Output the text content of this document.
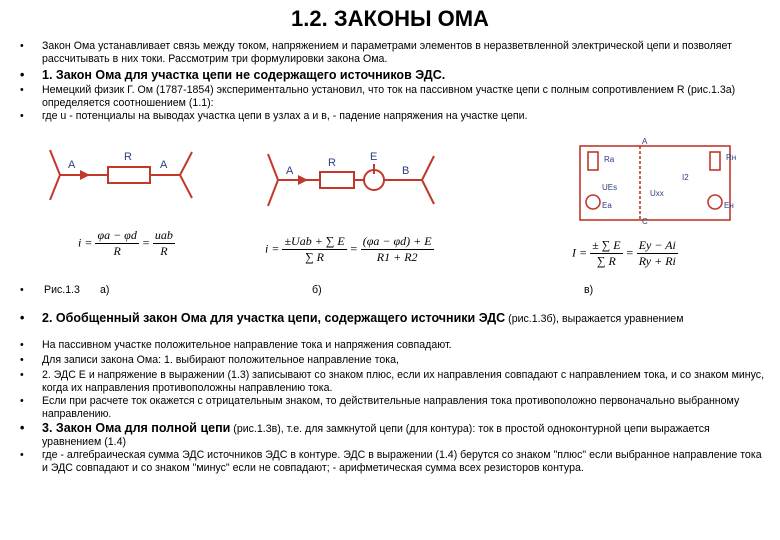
1.2. ЗАКОНЫ ОМА
•	Закон Ома устанавливает связь между током, напряжением и параметрами элементов в неразветвленной электрической цепи и позволяет рассчитывать в них токи. Рассмотрим три формулировки закона Ома.
•	1. Закон Ома для участка цепи не содержащего источников ЭДС.
•	Немецкий физик Г. Ом (1787-1854) экспериментально установил, что ток на пассивном участке цепи с полным сопротивлением R (рис.1.3а) определяется соотношением (1.1):
•	где u - потенциалы на выводах участка цепи в узлах а и в, - падение напряжения на участке цепи.
A
R
A	A
R	E
B
Ra
A
Rн
I2
UEs
Ea
Uxx
Eн
C
$i = \frac{\varphi a - \varphi d}{R} = \frac{\text{uab}}{R}$	$i = \frac{\text{±Uab + ∑ E}}{\sum R} = \frac{(\varphi a - \varphi d) + E}{R1 + R2}$	$I = \frac{\pm \sum E}{\sum R} = \frac{Ey - Ai}{Ry + Ri}$
• Рис.1.3 а)	б)	в)
•	2. Обобщенный закон Ома для участка цепи, содержащего источники ЭДС (рис.1.3б), выражается уравнением
•	На пассивном участке положительное направление тока и напряжения совпадают.
•	Для записи закона Ома: 1. выбирают положительное направление тока,
•	2. ЭДС E и напряжение в выражении (1.3) записывают со знаком плюс, если их направления совпадают с направлением тока, и со знаком минус, когда их направления противоположны направлению тока.
•	Если при расчете ток окажется с отрицательным знаком, то действительные направления тока противоположно первоначально выбранному направлению.
•	3. Закон Ома для полной цепи (рис.1.3в), т.е. для замкнутой цепи (для контура): ток в простой одноконтурной цепи выражается уравнением (1.4)
•	где - алгебраическая сумма ЭДС источников ЭДС в контуре. ЭДС в выражении (1.4) берутся со знаком "плюс" если выбранное направление тока и ЭДС совпадают и со знаком "минус" если не совпадают; - арифметическая сумма всех резисторов контура.
